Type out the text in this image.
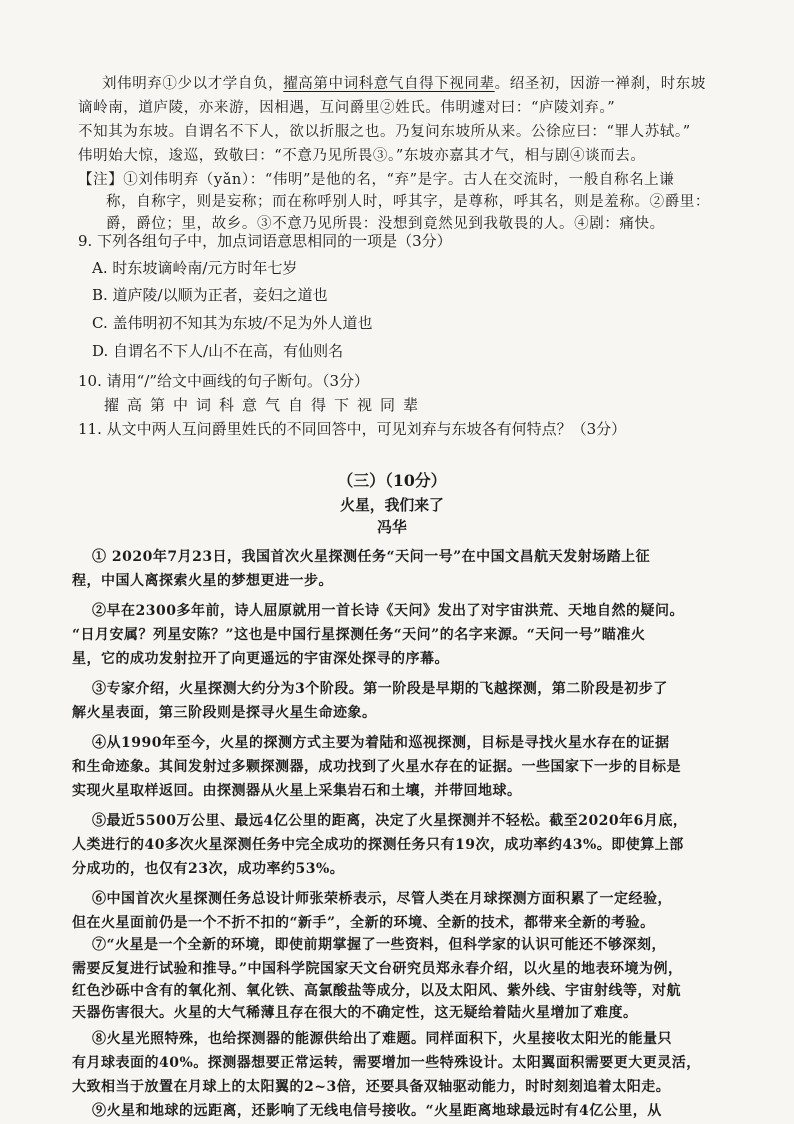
刘伟明弃①少以才学自负，擢高第中词科意气自得下视同辈。绍圣初，因游一禅刹，时东坡
谪岭南，道庐陵，亦来游，因相遇，互问爵里②姓氏。伟明遽对曰：“庐陵刘弃。”
不知其为东坡。自谓名不下人，欲以折服之也。乃复问东坡所从来。公徐应曰：“罪人苏轼。”
伟明始大惊，逡巡，致敬曰：“不意乃见所畏③。”东坡亦嘉其才气，相与剧④谈而去。
【注】①刘伟明弃（yǎn）：“伟明”是他的名，“弃”是字。古人在交流时，一般自称名上谦
称，自称字，则是妄称；而在称呼别人时，呼其字，是尊称，呼其名，则是羞称。②爵里：
爵，爵位；里，故乡。③不意乃见所畏：没想到竟然见到我敬畏的人。④剧：痛快。
9. 下列各组句子中，加点词语意思相同的一项是（3分）
A. 时东坡谪岭南/元方时年七岁
B. 道庐陵/以顺为正者，妾妇之道也
C. 盖伟明初不知其为东坡/不足为外人道也
D. 自谓名不下人/山不在高，有仙则名
10. 请用“/”给文中画线的句子断句。（3分）
擢高第中词科意气自得下视同辈
11. 从文中两人互问爵里姓氏的不同回答中，可见刘弃与东坡各有何特点？（3分）
（三）（10分）
火星，我们来了
冯华
① 2020年7月23日，我国首次火星探测任务“天问一号”在中国文昌航天发射场踏上征
程，中国人离探索火星的梦想更进一步。
②早在2300多年前，诗人屈原就用一首长诗《天问》发出了对宇宙洪荒、天地自然的疑问。
“日月安属？列星安陈？”这也是中国行星探测任务“天问”的名字来源。“天问一号”瞄准火
星，它的成功发射拉开了向更遥远的宇宙深处探寻的序幕。
③专家介绍，火星探测大约分为3个阶段。第一阶段是早期的飞越探测，第二阶段是初步了
解火星表面，第三阶段则是探寻火星生命迹象。
④从1990年至今，火星的探测方式主要为着陆和巡视探测，目标是寻找火星水存在的证据
和生命迹象。其间发射过多颗探测器，成功找到了火星水存在的证据。一些国家下一步的目标是
实现火星取样返回。由探测器从火星上采集岩石和土壤，并带回地球。
⑤最近5500万公里、最远4亿公里的距离，决定了火星探测并不轻松。截至2020年6月底，
人类进行的40多次火星深测任务中完全成功的探测任务只有19次，成功率约43%。即使算上部
分成功的，也仅有23次，成功率约53%。
⑥中国首次火星探测任务总设计师张荣桥表示，尽管人类在月球探测方面积累了一定经验，
但在火星面前仍是一个不折不扣的“新手”，全新的环境、全新的技术，都带来全新的考验。
⑦“火星是一个全新的环境，即使前期掌握了一些资料，但科学家的认识可能还不够深刻，
需要反复进行试验和推导。”中国科学院国家天文台研究员郑永春介绍，以火星的地表环境为例，
红色沙砾中含有的氧化剂、氧化铁、高氯酸盐等成分，以及太阳风、紫外线、宇宙射线等，对航
天器伤害很大。火星的大气稀薄且存在很大的不确定性，这无疑给着陆火星增加了难度。
⑧火星光照特殊，也给探测器的能源供给出了难题。同样面积下，火星接收太阳光的能量只
有月球表面的40%。探测器想要正常运转，需要增加一些特殊设计。太阳翼面积需要更大更灵活，
大致相当于放置在月球上的太阳翼的2~3倍，还要具备双轴驱动能力，时时刻刻追着太阳走。
⑨火星和地球的远距离，还影响了无线电信号接收。“火星距离地球最远时有4亿公里，从
